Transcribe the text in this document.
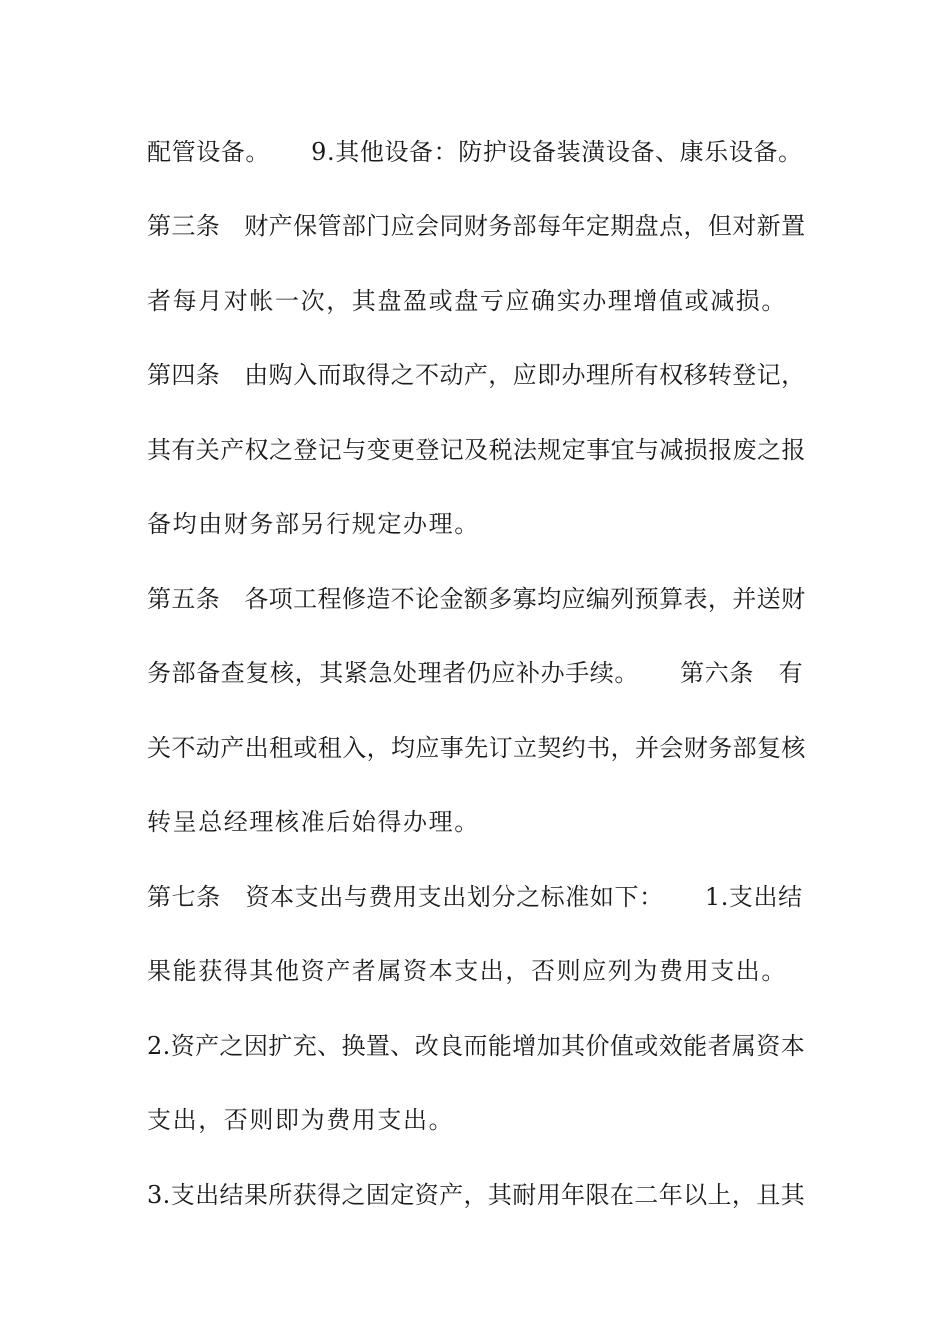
配管设备。     9.其他设备：防护设备装潢设备、康乐设备。
第三条   财产保管部门应会同财务部每年定期盘点，但对新置
者每月对帐一次，其盘盈或盘亏应确实办理增值或减损。
第四条   由购入而取得之不动产，应即办理所有权移转登记，
其有关产权之登记与变更登记及税法规定事宜与减损报废之报
备均由财务部另行规定办理。
第五条   各项工程修造不论金额多寡均应编列预算表，并送财
务部备查复核，其紧急处理者仍应补办手续。     第六条   有
关不动产出租或租入，均应事先订立契约书，并会财务部复核
转呈总经理核准后始得办理。
第七条   资本支出与费用支出划分之标准如下：     1.支出结
果能获得其他资产者属资本支出，否则应列为费用支出。
2.资产之因扩充、换置、改良而能增加其价值或效能者属资本
支出，否则即为费用支出。
3.支出结果所获得之固定资产，其耐用年限在二年以上，且其
